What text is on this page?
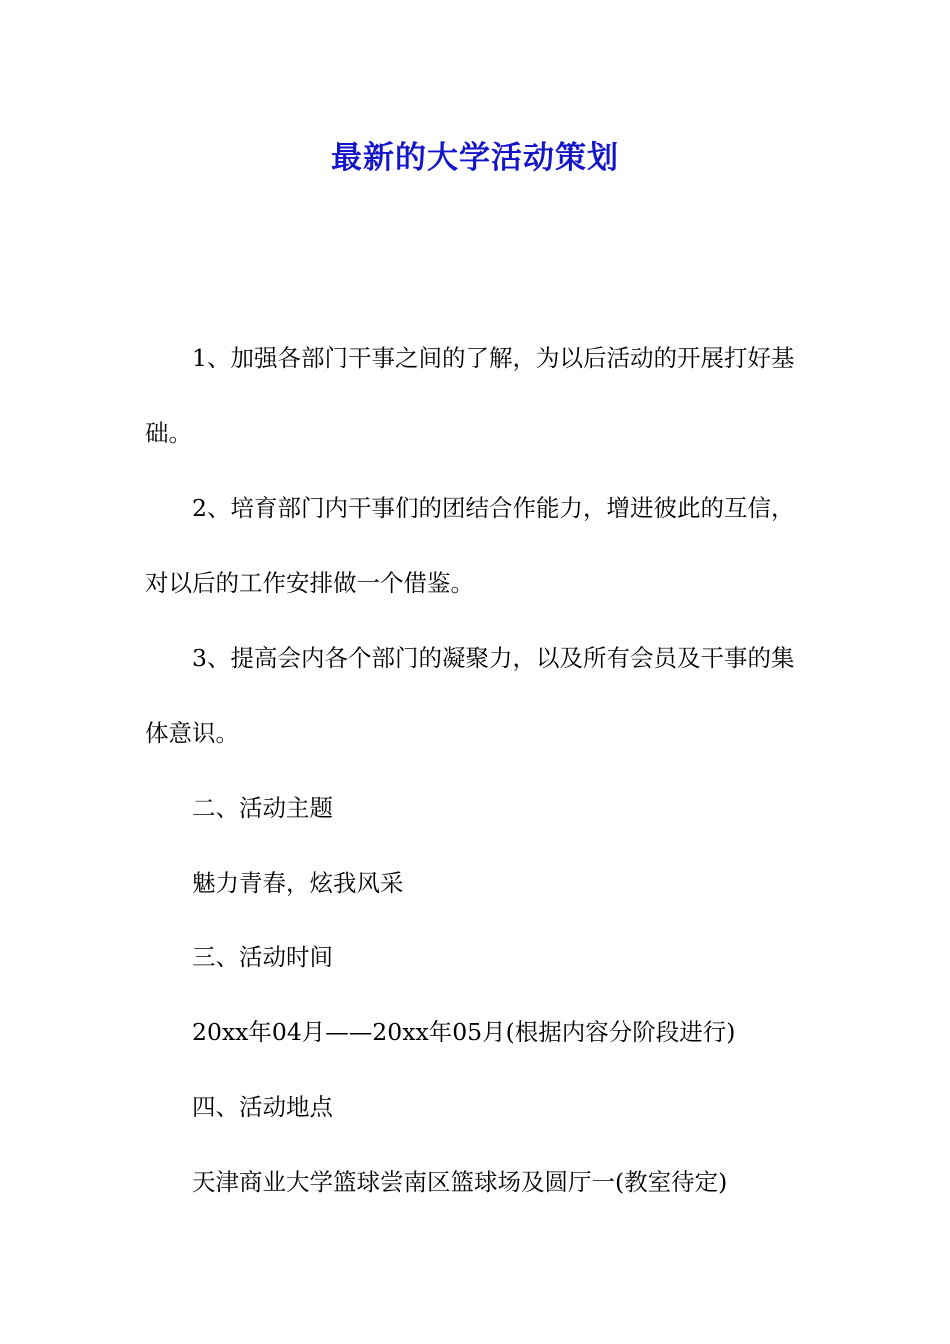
最新的大学活动策划

1、加强各部门干事之间的了解，为以后活动的开展打好基

础。

2、培育部门内干事们的团结合作能力，增进彼此的互信，

对以后的工作安排做一个借鉴。

3、提高会内各个部门的凝聚力，以及所有会员及干事的集

体意识。

二、活动主题

魅力青春，炫我风采

三、活动时间

20xx年04月——20xx年05月(根据内容分阶段进行)

四、活动地点

天津商业大学篮球尝南区篮球场及圆厅一(教室待定)
